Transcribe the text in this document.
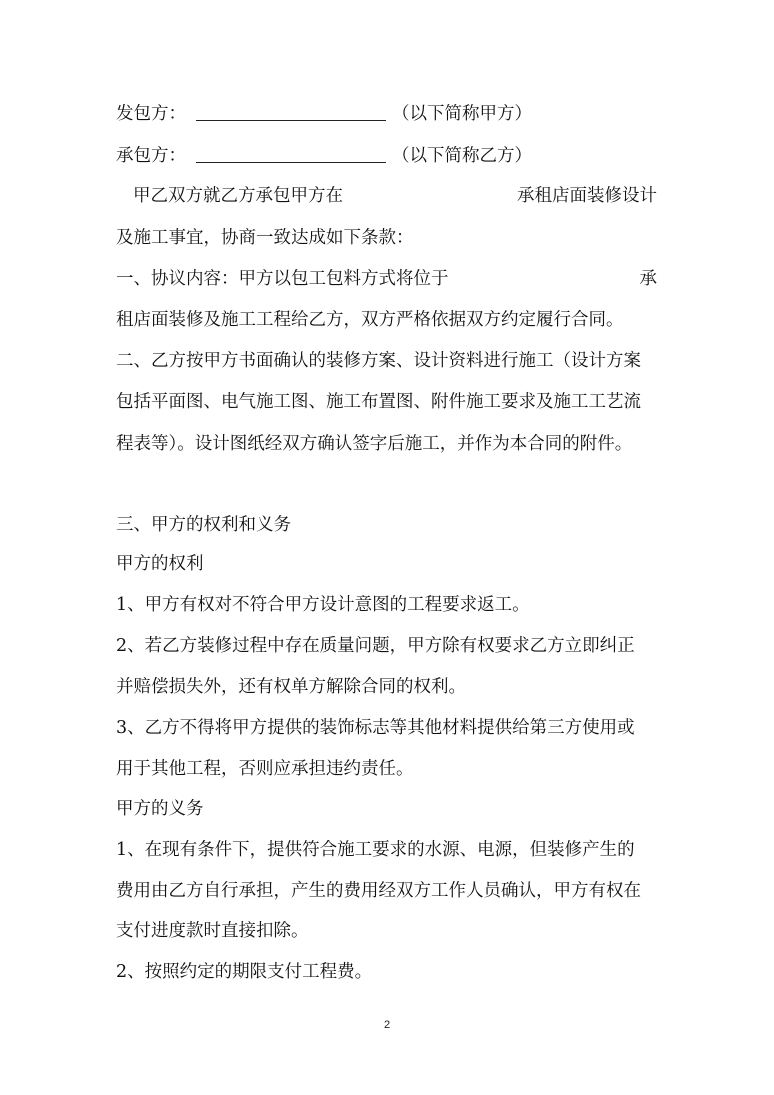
发包方：	（以下简称甲方）
承包方：	（以下简称乙方）
甲乙双方就乙方承包甲方在	承租店面装修设计
及施工事宜，协商一致达成如下条款：
一、协议内容：甲方以包工包料方式将位于	承
租店面装修及施工工程给乙方，双方严格依据双方约定履行合同。
二、乙方按甲方书面确认的装修方案、设计资料进行施工（设计方案
包括平面图、电气施工图、施工布置图、附件施工要求及施工工艺流
程表等）。设计图纸经双方确认签字后施工，并作为本合同的附件。
三、甲方的权利和义务
甲方的权利
1、甲方有权对不符合甲方设计意图的工程要求返工。
2、若乙方装修过程中存在质量问题，甲方除有权要求乙方立即纠正
并赔偿损失外，还有权单方解除合同的权利。
3、乙方不得将甲方提供的装饰标志等其他材料提供给第三方使用或
用于其他工程，否则应承担违约责任。
甲方的义务
1、在现有条件下，提供符合施工要求的水源、电源，但装修产生的
费用由乙方自行承担，产生的费用经双方工作人员确认，甲方有权在
支付进度款时直接扣除。
2、按照约定的期限支付工程费。
2
